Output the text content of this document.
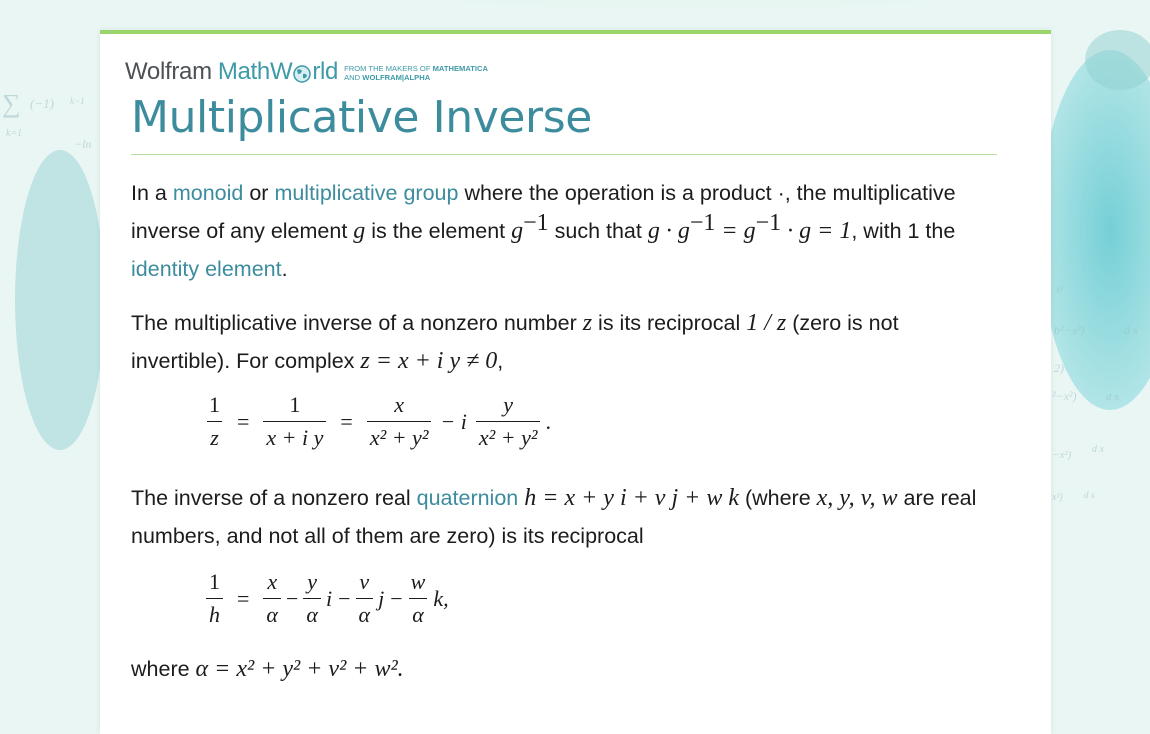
∑ (−1) k−1
k=1
−ln
x²
b²−x²)	d x
2)
²−x²)	d x
−x²) d x
x²) d x
Wolfram MathW rld FROM THE MAKERS OF MATHEMATICA
AND WOLFRAM|ALPHA
Multiplicative Inverse

In a monoid or multiplicative group where the operation is a product ·, the multiplicative inverse of any element g is the element $g^{-1}$ such that $g \cdot g^{-1} = g^{-1} \cdot g = 1$, with 1 the identity element.

The multiplicative inverse of a nonzero number z is its reciprocal 1 / z (zero is not invertible). For complex z = x + i y ≠ 0,

$\frac{1}{z} = \frac{1}{\text{x + i y}} = \frac{x}{\text{x² + y²}} - i \frac{y}{\text{x² + y²}}$ .

The inverse of a nonzero real quaternion h = x + y i + v j + w k (where x, y, v, w are real numbers, and not all of them are zero) is its reciprocal

$\frac{1}{h} = \frac{x}{\alpha} - \frac{y}{\alpha}$ $i - \frac{v}{\alpha}$ $j - \frac{w}{\alpha} k$,

where α = x² + y² + v² + w².
